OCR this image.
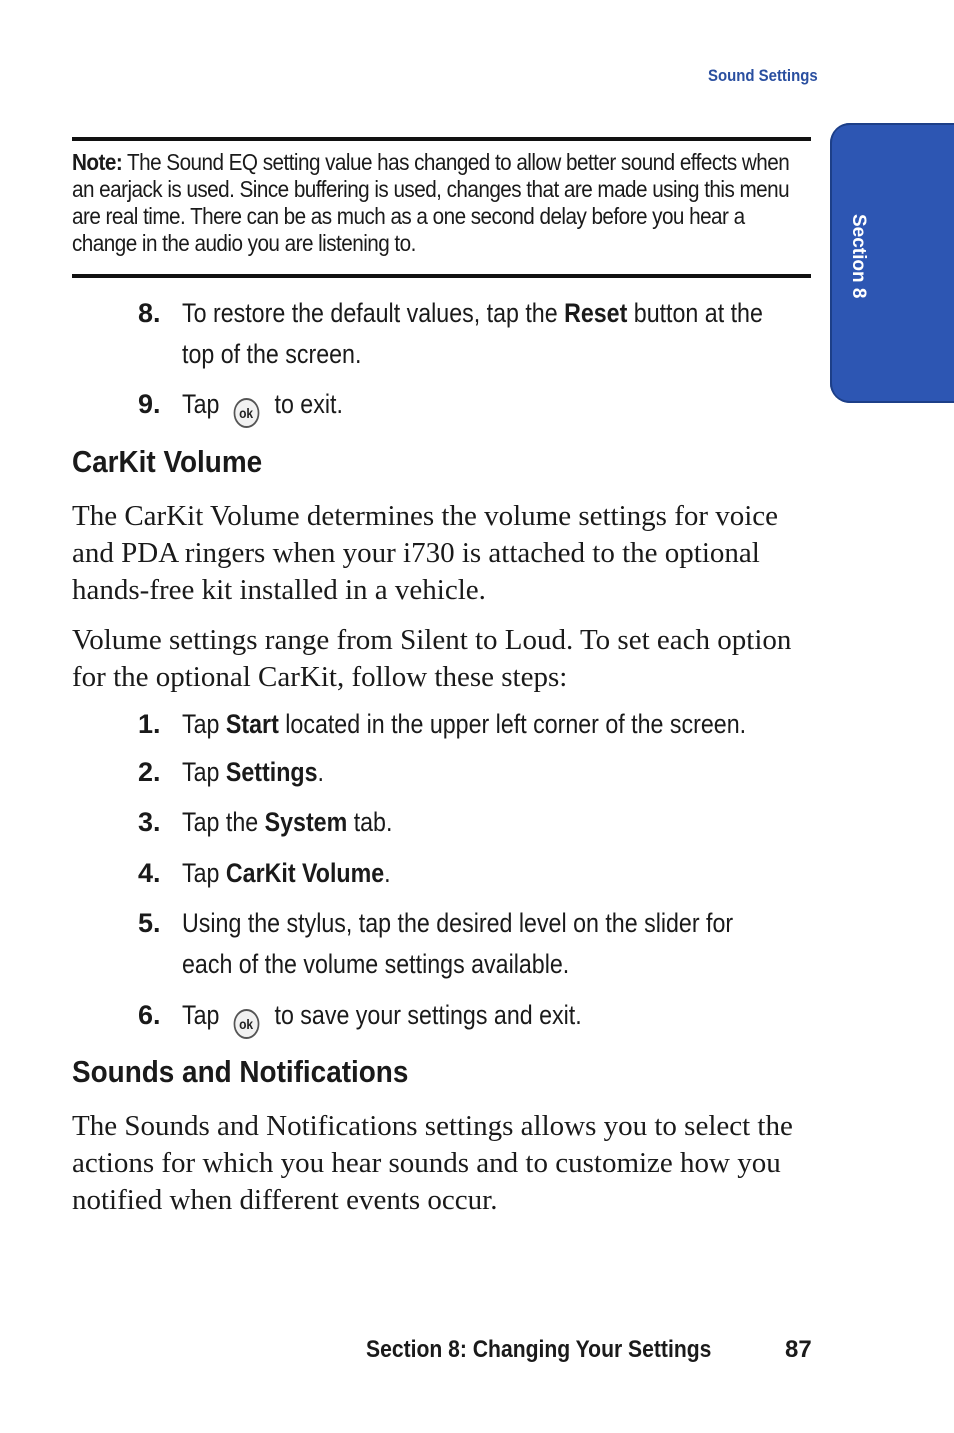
Sound Settings
Section 8
Note: The Sound EQ setting value has changed to allow better sound effects when an earjack is used. Since buffering is used, changes that are made using this menu are real time. There can be as much as a one second delay before you hear a change in the audio you are listening to.
8. To restore the default values, tap the Reset button at the
top of the screen.
9. Tap ok to exit.
CarKit Volume
The CarKit Volume determines the volume settings for voice and PDA ringers when your i730 is attached to the optional hands-free kit installed in a vehicle.
Volume settings range from Silent to Loud. To set each option for the optional CarKit, follow these steps:
1. Tap Start located in the upper left corner of the screen.
2. Tap Settings.
3. Tap the System tab.
4. Tap CarKit Volume.
5. Using the stylus, tap the desired level on the slider for
each of the volume settings available.
6. Tap ok to save your settings and exit.
Sounds and Notifications
The Sounds and Notifications settings allows you to select the actions for which you hear sounds and to customize how you notified when different events occur.
Section 8: Changing Your Settings	87
